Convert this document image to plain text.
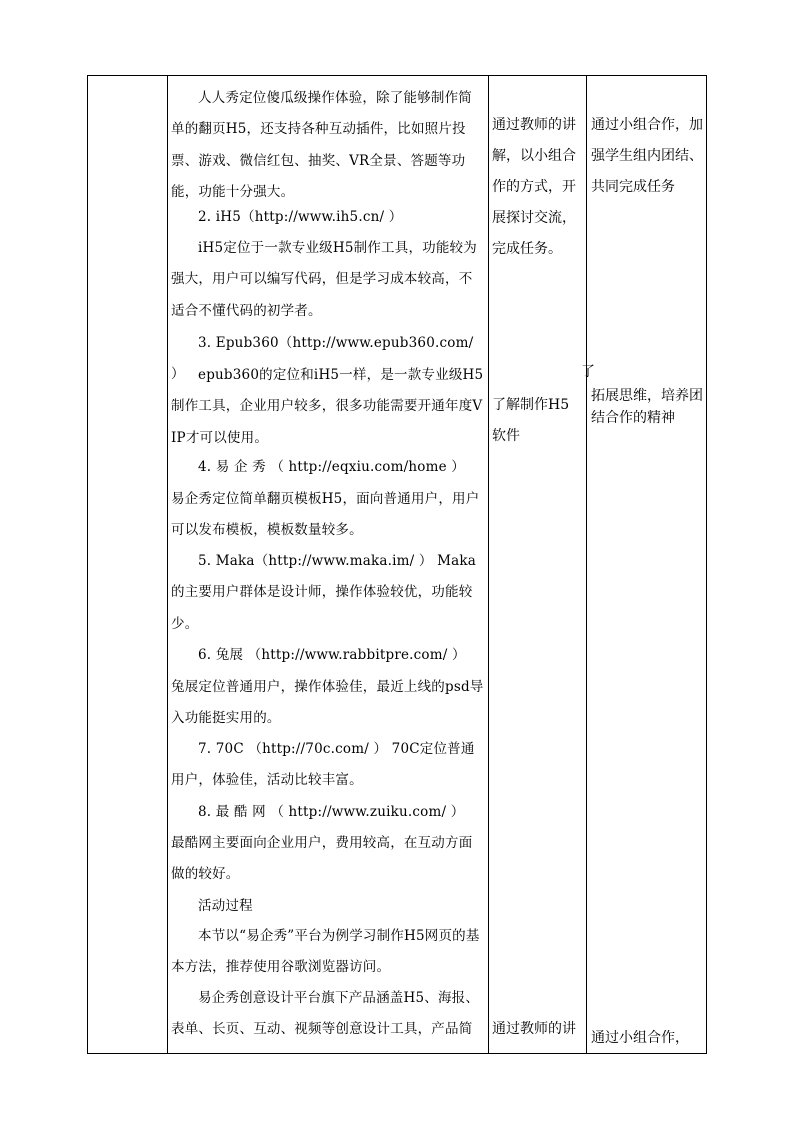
人人秀定位傻瓜级操作体验，除了能够制作简单的翻页H5，还支持各种互动插件，比如照片投票、游戏、微信红包、抽奖、VR全景、答题等功能，功能十分强大。
2. iH5（http://www.ih5.cn/ ）
iH5定位于一款专业级H5制作工具，功能较为强大，用户可以编写代码，但是学习成本较高，不适合不懂代码的初学者。
3. Epub360（http://www.epub360.com/ ） epub360的定位和iH5一样，是一款专业级H5制作工具，企业用户较多，很多功能需要开通年度VIP才可以使用。
4. 易 企 秀 （ http://eqxiu.com/home ）
易企秀定位简单翻页模板H5，面向普通用户，用户可以发布模板，模板数量较多。
5. Maka（http://www.maka.im/ ） Maka的主要用户群体是设计师，操作体验较优，功能较少。
6. 兔展 （http://www.rabbitpre.com/ ）
兔展定位普通用户，操作体验佳，最近上线的psd导入功能挺实用的。
7. 70C （http://70c.com/ ） 70C定位普通用户，体验佳，活动比较丰富。
8. 最 酷 网 （ http://www.zuiku.com/ ）
最酷网主要面向企业用户，费用较高，在互动方面做的较好。
活动过程
本节以“易企秀”平台为例学习制作H5网页的基本方法，推荐使用谷歌浏览器访问。
易企秀创意设计平台旗下产品涵盖H5、海报、表单、长页、互动、视频等创意设计工具，产品简
通过教师的讲解，以小组合作的方式，开展探讨交流，完成任务。
了解制作H5软件
通过教师的讲
了
通过小组合作，加强学生组内团结、共同完成任务
拓展思维，培养团结合作的精神
通过小组合作，
